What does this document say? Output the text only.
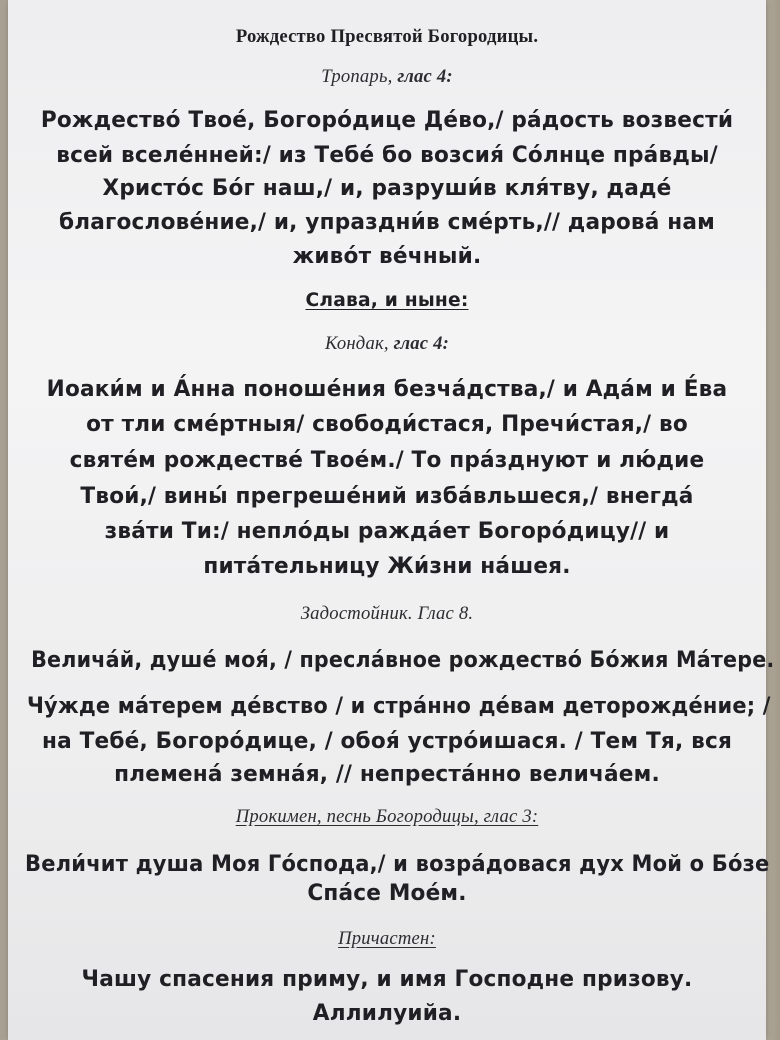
Рождество Пресвятой Богородицы.
Тропарь, глас 4:
Рождество́ Твое́, Богоро́дице Де́во,/ ра́дость возвести́
всей вселе́нней:/ из Тебе́ бо возсия́ Со́лнце пра́вды/
Христо́с Бо́г наш,/ и, разруши́в кля́тву, даде́
благослове́ние,/ и, упраздни́в сме́рть,// дарова́ нам
живо́т ве́чный.
Слава, и ныне:
Кондак, глас 4:
Иоаки́м и А́нна поноше́ния безча́дства,/ и Ада́м и Е́ва
от тли сме́ртныя/ свободи́стася, Пречи́стая,/ во
святе́м рождестве́ Твое́м./ То пра́зднуют и лю́дие
Твои́,/ вины́ прегреше́ний изба́вльшеся,/ внегда́
зва́ти Ти:/ непло́ды ражда́ет Богоро́дицу// и
пита́тельницу Жи́зни на́шея.
Задостойник. Глас 8.
Велича́й, душе́ моя́, / пресла́вное рождество́ Бо́жия Ма́тере.
Чу́жде ма́терем де́вство / и стра́нно де́вам деторожде́ние; /
на Тебе́, Богоро́дице, / обоя́ устро́ишася. / Тем Тя, вся
племена́ земна́я, // непреста́нно велича́ем.
Прокимен, песнь Богородицы, глас 3:
Вели́чит душа Моя Го́спода,/ и возра́довася дух Мой о Бо́зе
Спа́се Мое́м.
Причастен:
Чашу спасения приму, и имя Господне призову.
Аллилуийа.
